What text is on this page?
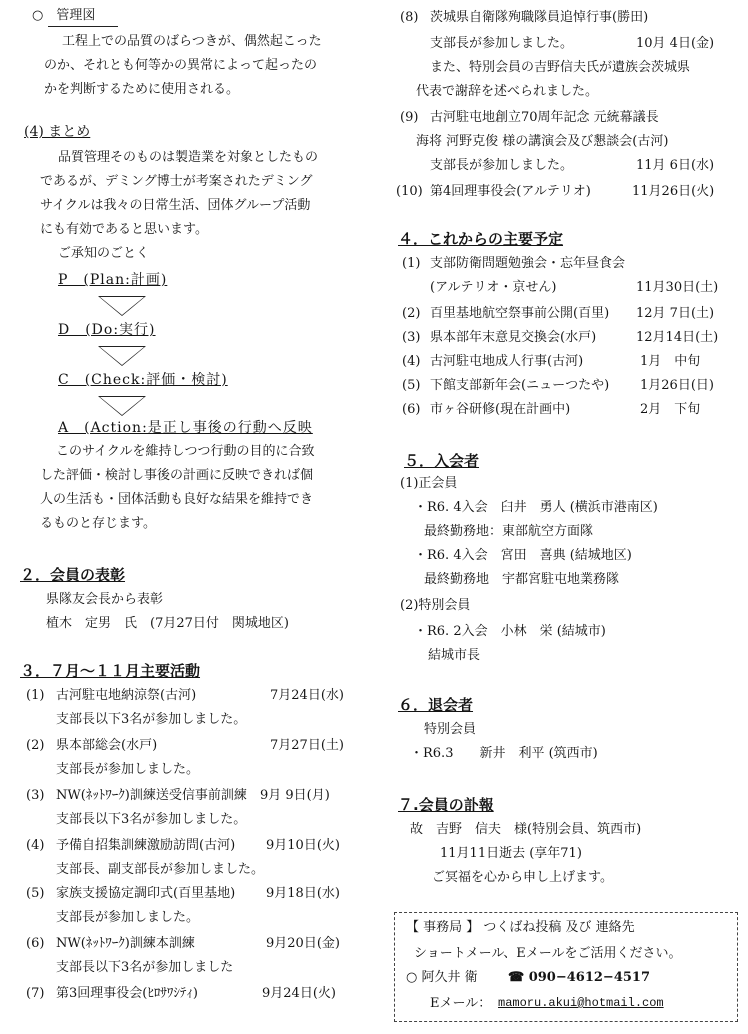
○　管理図
工程上での品質のばらつきが、偶然起こった
のか、それとも何等かの異常によって起ったの
かを判断するために使用される。
(4) まとめ
品質管理そのものは製造業を対象としたもの
であるが、デミング博士が考案されたデミング
サイクルは我々の日常生活、団体グループ活動
にも有効であると思います。
ご承知のごとく
P　(Plan:計画)
D　(Do:実行)
C　(Check:評価・検討)
A　(Action:是正し事後の行動へ反映
このサイクルを維持しつつ行動の目的に合致
した評価・検討し事後の計画に反映できれば個
人の生活も・団体活動も良好な結果を維持でき
るものと存じます。
２．会員の表彰
県隊友会長から表彰
植木　定男　氏　(7月27日付　関城地区)
３．７月〜１１月主要活動
(1) 古河駐屯地納涼祭(古河)	7月24日(水)
支部長以下3名が参加しました。
(2) 県本部総会(水戸)	7月27日(土)
支部長が参加しました。
(3) NW(ﾈｯﾄﾜｰｸ)訓練送受信事前訓練 9月 9日(月)
支部長以下3名が参加しました。
(4) 予備自招集訓練激励訪問(古河) 9月10日(火)
支部長、副支部長が参加しました。
(5) 家族支援協定調印式(百里基地) 9月18日(水)
支部長が参加しました。
(6) NW(ﾈｯﾄﾜｰｸ)訓練本訓練	9月20日(金)
支部長以下3名が参加しました
(7) 第3回理事役会(ﾋﾛｻﾜｼﾃｨ)	9月24日(火)
(8) 茨城県自衛隊殉職隊員追悼行事(勝田)
支部長が参加しました。	10月 4日(金)
また、特別会員の吉野信夫氏が遺族会茨城県
代表で謝辞を述べられました。
(9) 古河駐屯地創立70周年記念 元統幕議長
海将 河野克俊 様の講演会及び懇談会(古河)
支部長が参加しました。	11月 6日(水)
(10) 第4回理事役会(アルテリオ)	11月26日(火)
４．これからの主要予定
(1) 支部防衛問題勉強会・忘年昼食会
(アルテリオ・京せん)	11月30日(土)
(2) 百里基地航空祭事前公開(百里) 12月 7日(土)
(3) 県本部年末意見交換会(水戸)	12月14日(土)
(4) 古河駐屯地成人行事(古河)	1月　中旬
(5) 下館支部新年会(ニューつたや) 1月26日(日)
(6) 市ヶ谷研修(現在計画中)	2月　下旬
５．入会者
(1)正会員
・R6. 4入会　臼井　勇人 (横浜市港南区)
最終勤務地：東部航空方面隊
・R6. 4入会　宮田　喜典 (結城地区)
最終勤務地　宇都宮駐屯地業務隊
(2)特別会員
・R6. 2入会　小林　栄 (結城市)
結城市長
６．退会者
特別会員
・R6.3　　新井　利平 (筑西市)
７.会員の訃報
故　吉野　信夫　様(特別会員、筑西市)
11月11日逝去 (享年71)
ご冥福を心から申し上げます。
【 事務局 】 つくばね投稿 及び 連絡先
ショートメール、Eメールをご活用ください。
○ 阿久井 衛 ☎ 090−4612−4517
Eメール： mamoru.akui@hotmail.com
